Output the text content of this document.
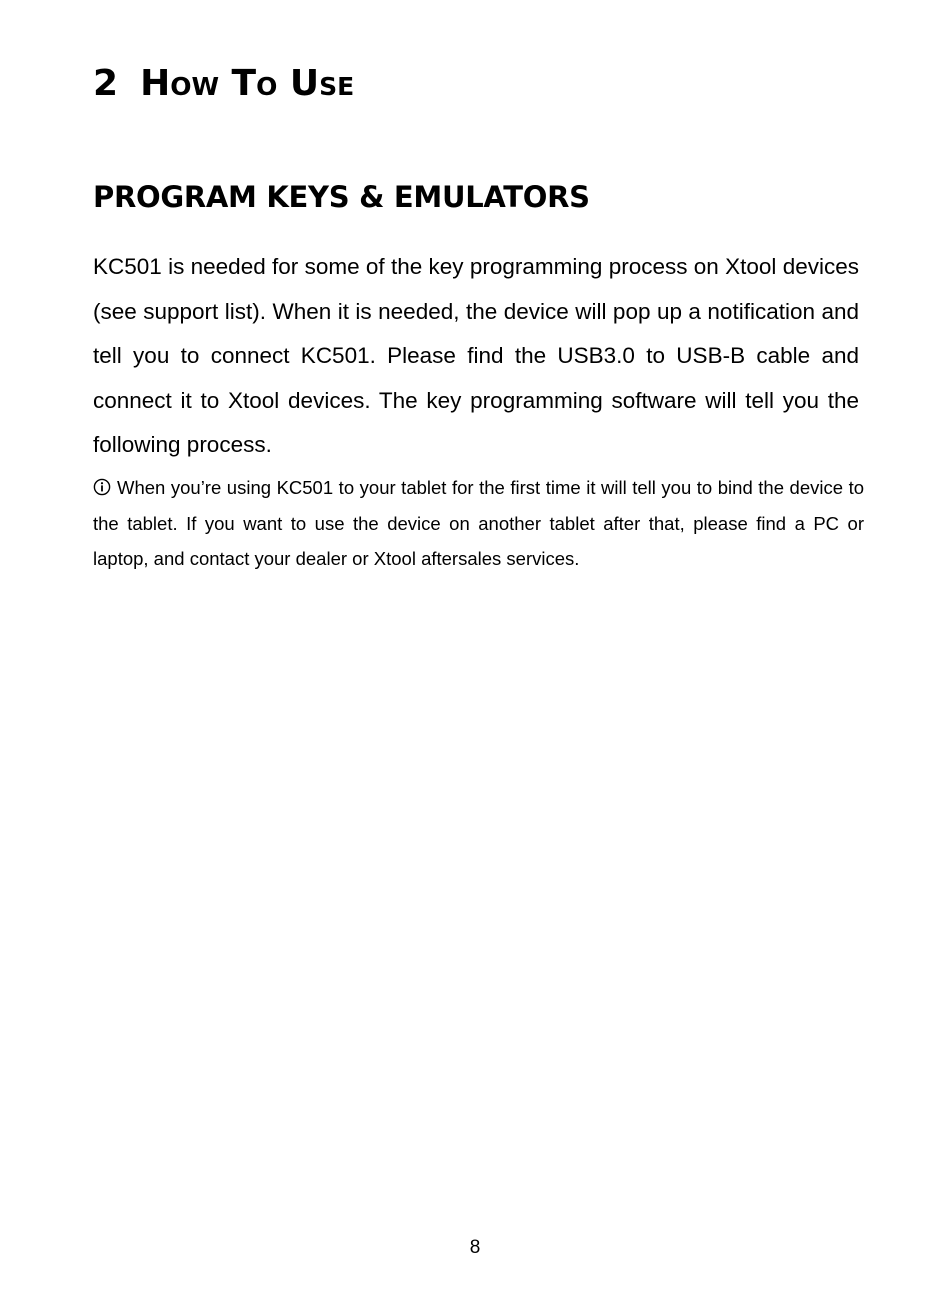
2 How To Use
PROGRAM KEYS & EMULATORS

KC501 is needed for some of the key programming process on Xtool devices (see support list). When it is needed, the device will pop up a notification and tell you to connect KC501. Please find the USB3.0 to USB-B cable and connect it to Xtool devices. The key programming software will tell you the following process.

When you’re using KC501 to your tablet for the first time it will tell you to bind the device to the tablet. If you want to use the device on another tablet after that, please find a PC or laptop, and contact your dealer or Xtool aftersales services.

8
